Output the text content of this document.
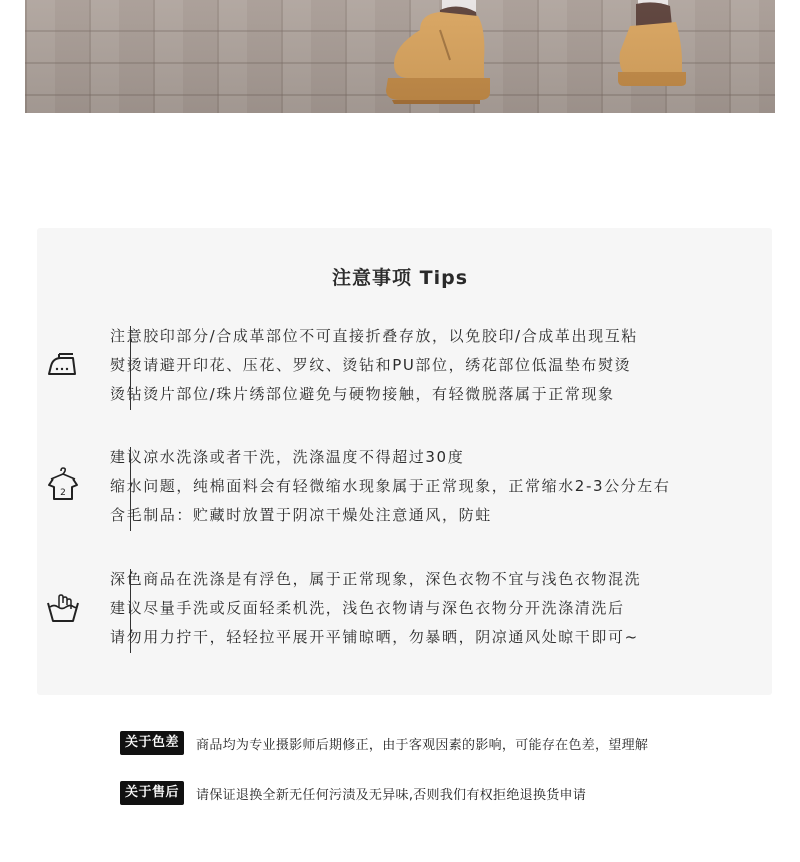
注意事项 Tips
注意胶印部分/合成革部位不可直接折叠存放，以免胶印/合成革出现互粘
熨烫请避开印花、压花、罗纹、烫钻和PU部位，绣花部位低温垫布熨烫
烫钻烫片部位/珠片绣部位避免与硬物接触，有轻微脱落属于正常现象
2
建议凉水洗涤或者干洗，洗涤温度不得超过30度
缩水问题，纯棉面料会有轻微缩水现象属于正常现象，正常缩水2-3公分左右
含毛制品：贮藏时放置于阴凉干燥处注意通风，防蛀
深色商品在洗涤是有浮色，属于正常现象，深色衣物不宜与浅色衣物混洗
建议尽量手洗或反面轻柔机洗，浅色衣物请与深色衣物分开洗涤清洗后
请勿用力拧干，轻轻拉平展开平铺晾晒，勿暴晒，阴凉通风处晾干即可~
关于色差	商品均为专业摄影师后期修正，由于客观因素的影响，可能存在色差，望理解
关于售后	请保证退换全新无任何污渍及无异味,否则我们有权拒绝退换货申请
